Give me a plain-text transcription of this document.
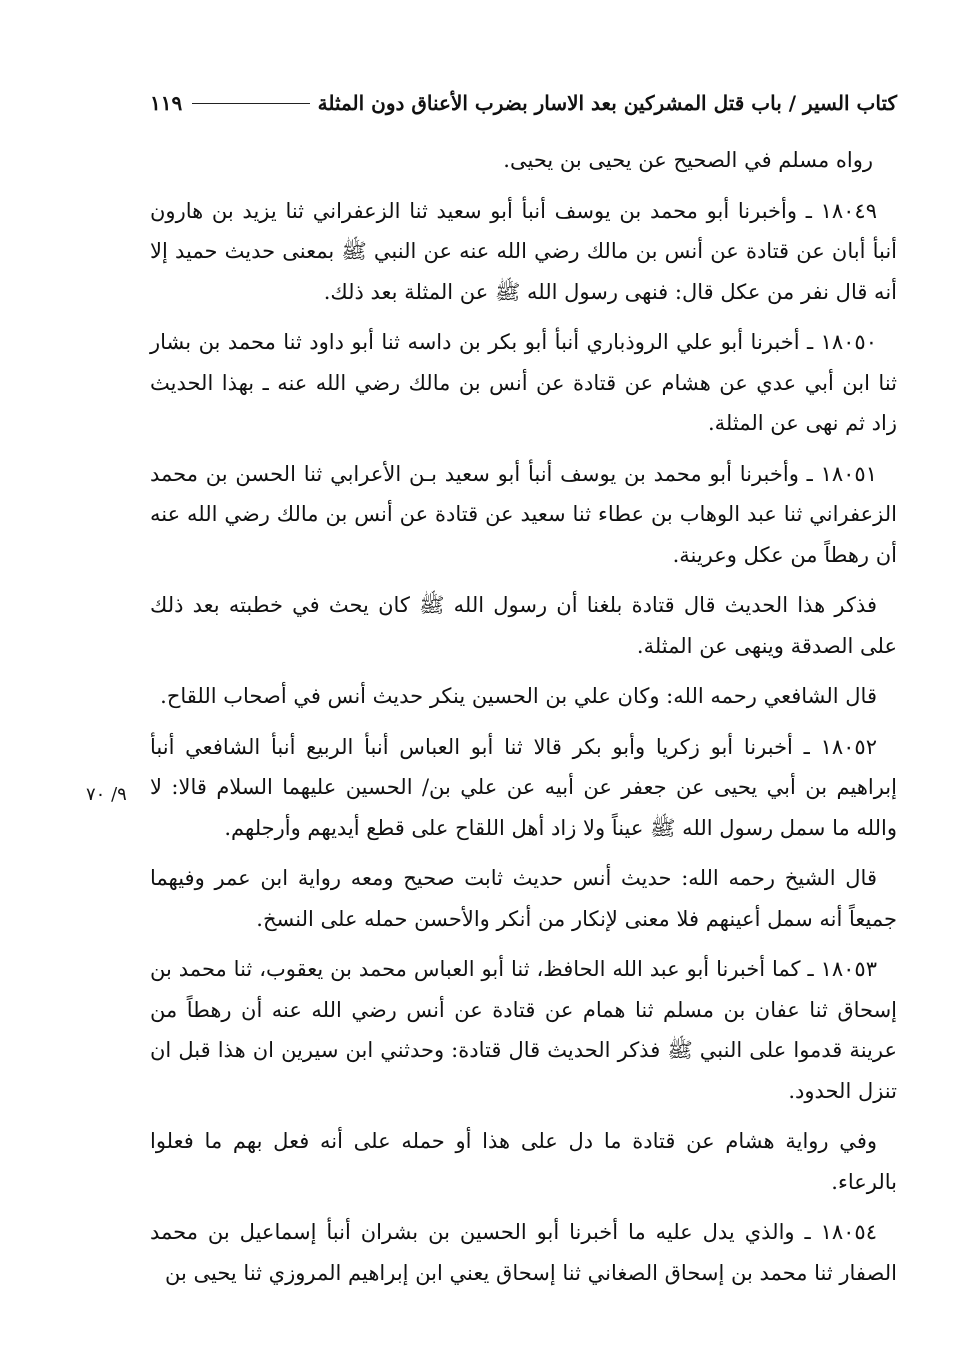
كتاب السير / باب قتل المشركين بعد الاسار بضرب الأعناق دون المثلة
١١٩
٩/ ٧٠

رواه مسلم في الصحيح عن يحيى بن يحيى.

١٨٠٤٩ ـ وأخبرنا أبو محمد بن يوسف أنبأ أبو سعيد ثنا الزعفراني ثنا يزيد بن هارون أنبأ أبان عن قتادة عن أنس بن مالك رضي الله عنه عن النبي ﷺ بمعنى حديث حميد إلا أنه قال نفر من عكل قال: فنهى رسول الله ﷺ عن المثلة بعد ذلك.

١٨٠٥٠ ـ أخبرنا أبو علي الروذباري أنبأ أبو بكر بن داسه ثنا أبو داود ثنا محمد بن بشار ثنا ابن أبي عدي عن هشام عن قتادة عن أنس بن مالك رضي الله عنه ـ بهذا الحديث زاد ثم نهى عن المثلة.

١٨٠٥١ ـ وأخبرنا أبو محمد بن يوسف أنبأ أبو سعيد بـن الأعرابي ثنا الحسن بن محمد الزعفراني ثنا عبد الوهاب بن عطاء ثنا سعيد عن قتادة عن أنس بن مالك رضي الله عنه أن رهطاً من عكل وعرينة.

فذكر هذا الحديث قال قتادة بلغنا أن رسول الله ﷺ كان يحث في خطبته بعد ذلك على الصدقة وينهى عن المثلة.

قال الشافعي رحمه الله: وكان علي بن الحسين ينكر حديث أنس في أصحاب اللقاح.

١٨٠٥٢ ـ أخبرنا أبو زكريا وأبو بكر قالا ثنا أبو العباس أنبأ الربيع أنبأ الشافعي أنبأ إبراهيم بن أبي يحيى عن جعفر عن أبيه عن علي بن/ الحسين عليهما السلام قالا: لا والله ما سمل رسول الله ﷺ عيناً ولا زاد أهل اللقاح على قطع أيديهم وأرجلهم.

قال الشيخ رحمه الله: حديث أنس حديث ثابت صحيح ومعه رواية ابن عمر وفيهما جميعاً أنه سمل أعينهم فلا معنى لإنكار من أنكر والأحسن حمله على النسخ.

١٨٠٥٣ ـ كما أخبرنا أبو عبد الله الحافظ، ثنا أبو العباس محمد بن يعقوب، ثنا محمد بن إسحاق ثنا عفان بن مسلم ثنا همام عن قتادة عن أنس رضي الله عنه أن رهطاً من عرينة قدموا على النبي ﷺ فذكر الحديث قال قتادة: وحدثني ابن سيرين ان هذا قبل ان تنزل الحدود.

وفي رواية هشام عن قتادة ما دل على هذا أو حمله على أنه فعل بهم ما فعلوا بالرعاء.

١٨٠٥٤ ـ والذي يدل عليه ما أخبرنا أبو الحسين بن بشران أنبأ إسماعيل بن محمد الصفار ثنا محمد بن إسحاق الصغاني ثنا إسحاق يعني ابن إبراهيم المروزي ثنا يحيى بن
